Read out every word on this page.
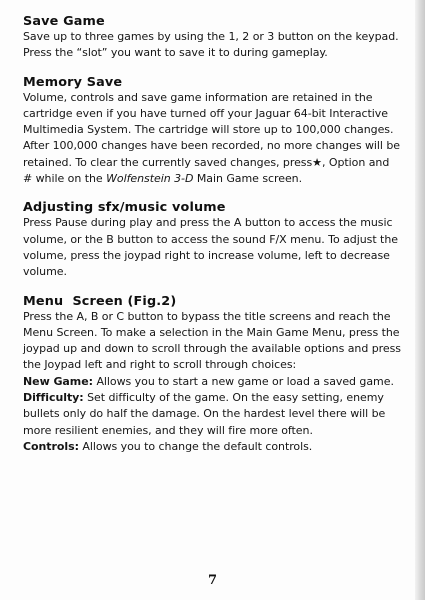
Save Game

Save up to three games by using the 1, 2 or 3 button on the keypad. Press the “slot” you want to save it to during gameplay.

Memory Save

Volume, controls and save game information are retained in the cartridge even if you have turned off your Jaguar 64-bit Interactive Multimedia System. The cartridge will store up to 100,000 changes. After 100,000 changes have been recorded, no more changes will be retained. To clear the currently saved changes, press★, Option and # while on the Wolfenstein 3-D Main Game screen.

Adjusting sfx/music volume

Press Pause during play and press the A button to access the music volume, or the B button to access the sound F/X menu. To adjust the volume, press the joypad right to increase volume, left to decrease volume.

Menu  Screen (Fig.2)

Press the A, B or C button to bypass the title screens and reach the Menu Screen. To make a selection in the Main Game Menu, press the joypad up and down to scroll through the available options and press the Joypad left and right to scroll through choices:

New Game: Allows you to start a new game or load a saved game.

Difficulty: Set difficulty of the game. On the easy setting, enemy bullets only do half the damage. On the hardest level there will be more resilient enemies, and they will fire more often.

Controls: Allows you to change the default controls.

7
